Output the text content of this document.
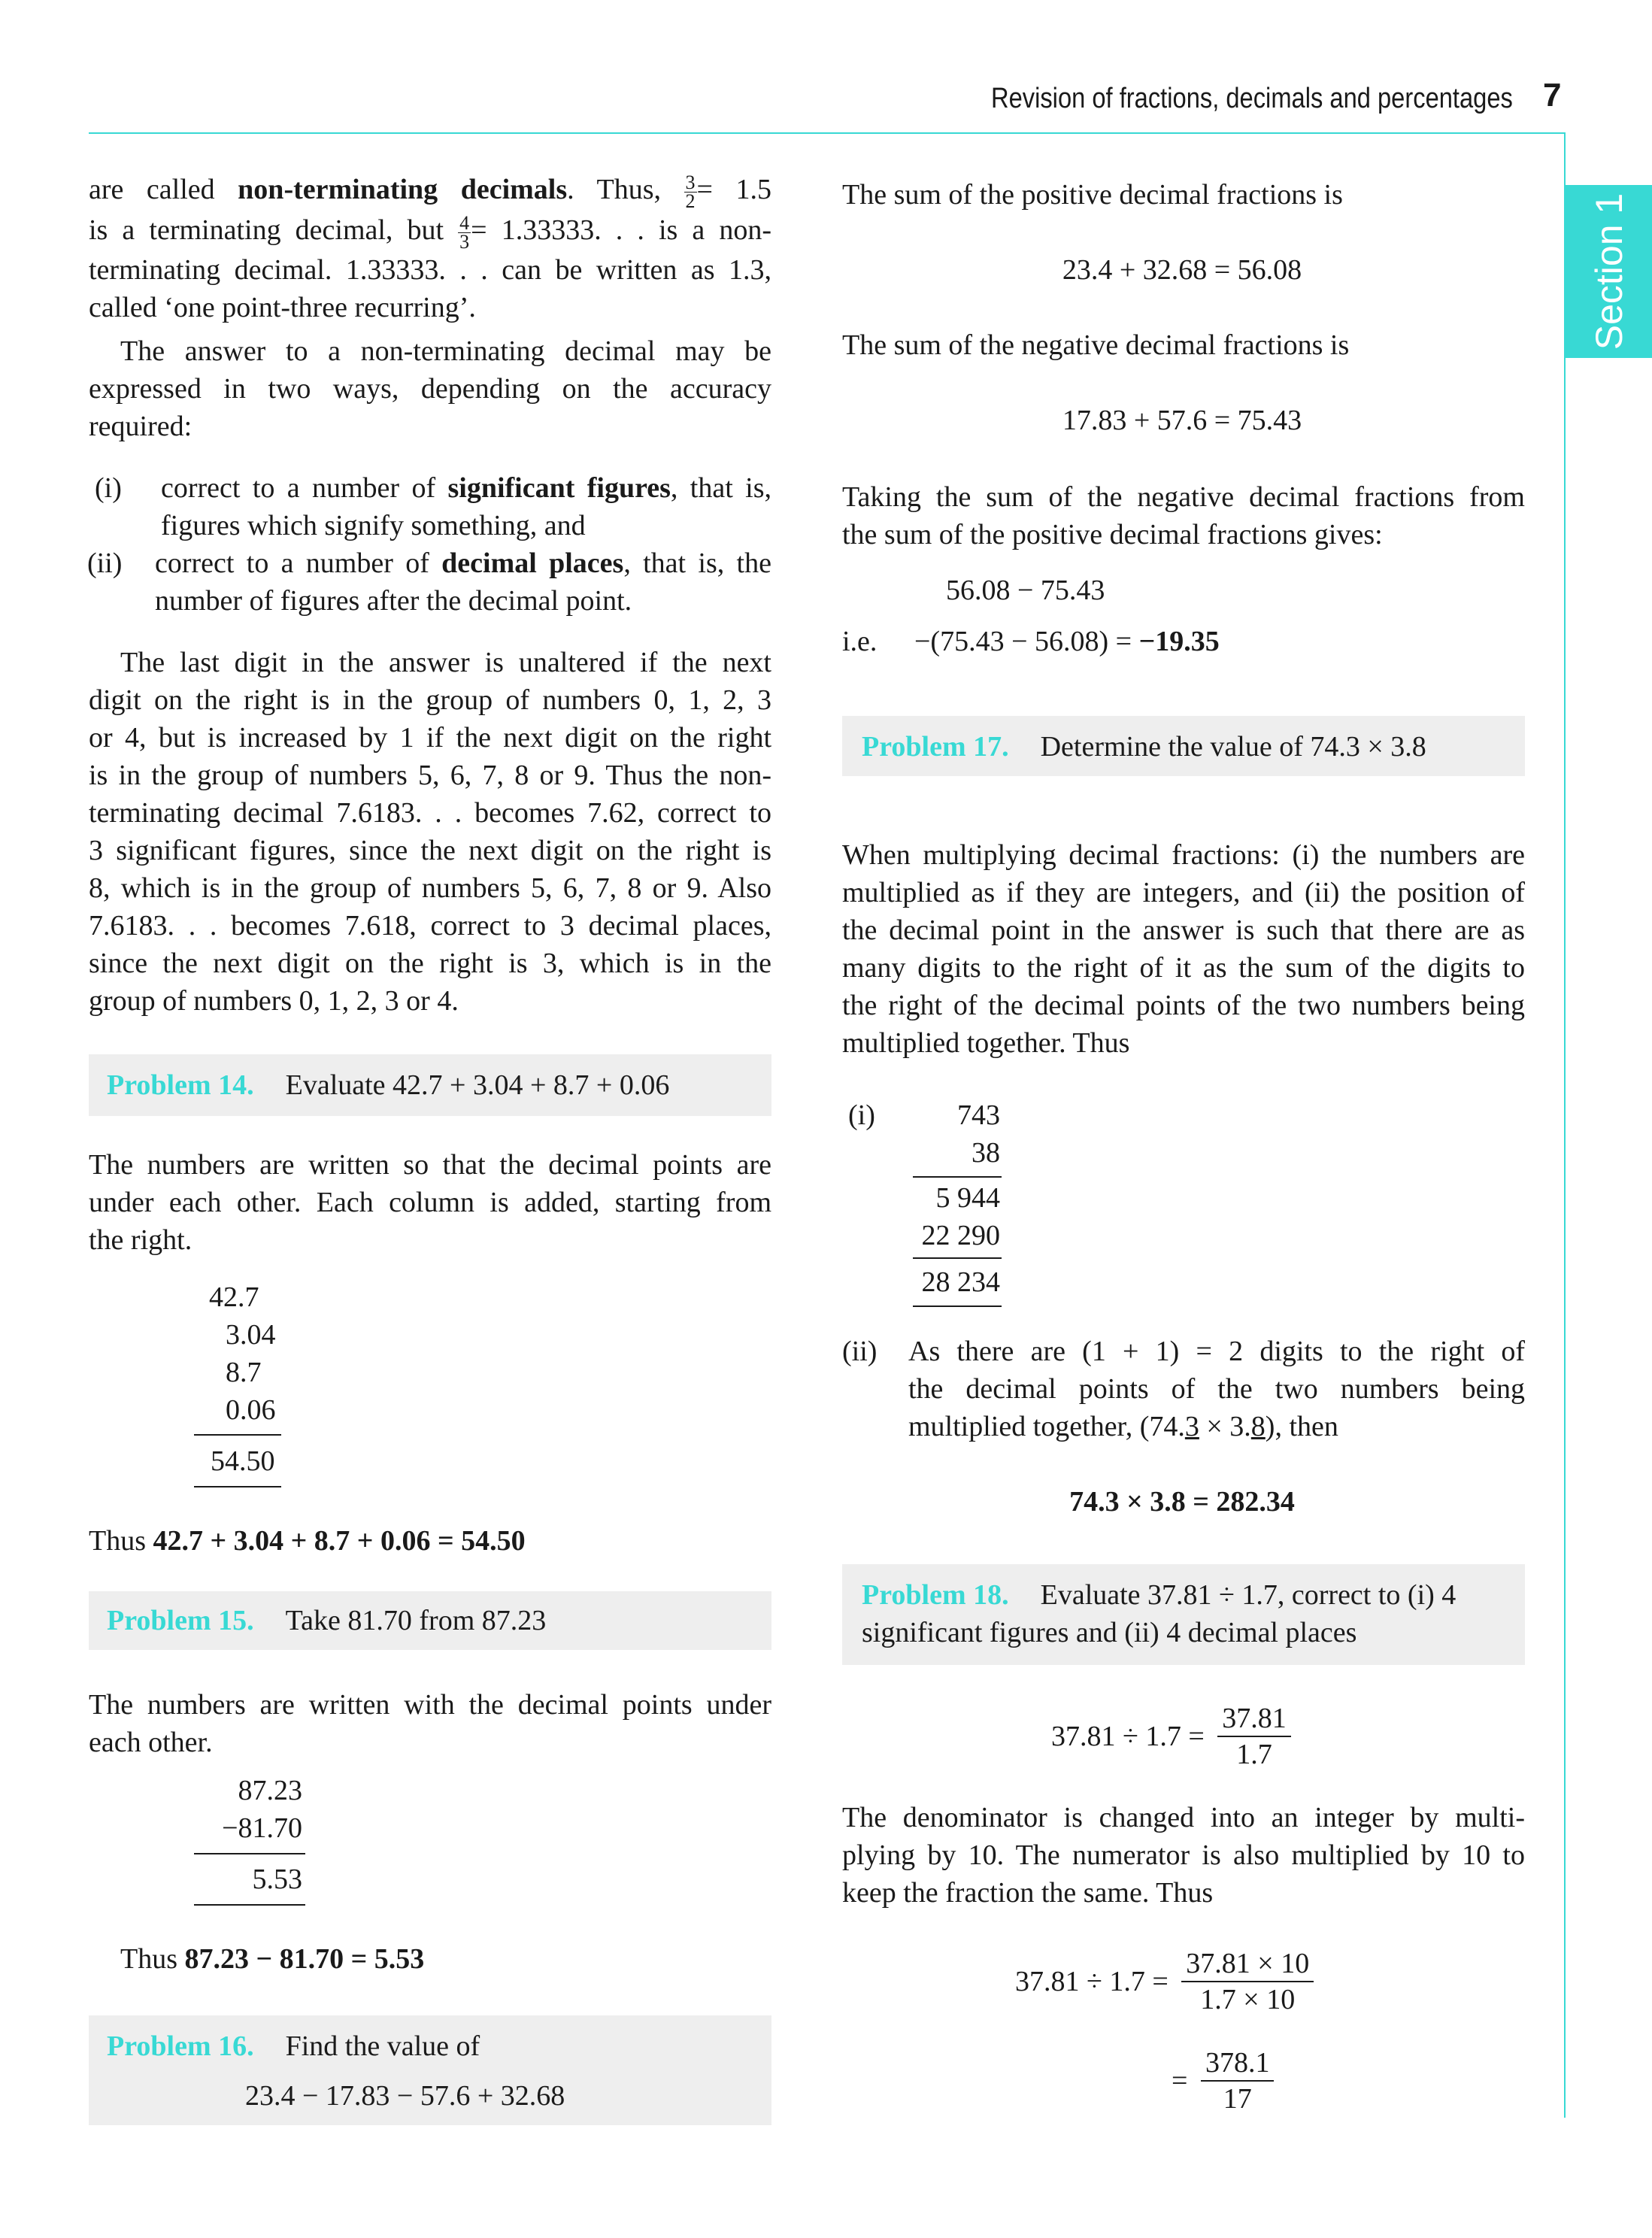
Revision of fractions, decimals and percentages 7
Section 1
are called non-terminating decimals. Thus, $\frac{3}{2} = 1.5$
is a terminating decimal, but $\frac{4}{3} = 1.33333$. . . is a non-
terminating decimal. 1.33333. . . can be written as 1.3,
called ‘one point-three recurring’.
The answer to a non-terminating decimal may be
expressed in two ways, depending on the accuracy
required:
(i) correct to a number of significant figures, that is,
figures which signify something, and
(ii) correct to a number of decimal places, that is, the
number of figures after the decimal point.
The last digit in the answer is unaltered if the next
digit on the right is in the group of numbers 0, 1, 2, 3
or 4, but is increased by 1 if the next digit on the right
is in the group of numbers 5, 6, 7, 8 or 9. Thus the non-
terminating decimal 7.6183. . . becomes 7.62, correct to
3 significant figures, since the next digit on the right is
8, which is in the group of numbers 5, 6, 7, 8 or 9. Also
7.6183. . . becomes 7.618, correct to 3 decimal places,
since the next digit on the right is 3, which is in the
group of numbers 0, 1, 2, 3 or 4.
Problem 14. Evaluate 42.7 + 3.04 + 8.7 + 0.06
The numbers are written so that the decimal points are
under each other. Each column is added, starting from
the right.
42.7
3.04
8.7
0.06
54.50
Thus 42.7 + 3.04 + 8.7 + 0.06 = 54.50
Problem 15. Take 81.70 from 87.23
The numbers are written with the decimal points under
each other.
87.23
−81.70
5.53
Thus 87.23 − 81.70 = 5.53
Problem 16. Find the value of
23.4 − 17.83 − 57.6 + 32.68
The sum of the positive decimal fractions is
23.4 + 32.68 = 56.08
The sum of the negative decimal fractions is
17.83 + 57.6 = 75.43
Taking the sum of the negative decimal fractions from
the sum of the positive decimal fractions gives:
56.08 − 75.43
i.e. −(75.43 − 56.08) = −19.35
Problem 17. Determine the value of 74.3 × 3.8
When multiplying decimal fractions: (i) the numbers are
multiplied as if they are integers, and (ii) the position of
the decimal point in the answer is such that there are as
many digits to the right of it as the sum of the digits to
the right of the decimal points of the two numbers being
multiplied together. Thus
(i)	743
38
5 944
22 290
28 234
(ii) As there are (1 + 1) = 2 digits to the right of
the decimal points of the two numbers being
multiplied together, (74.3 × 3.8), then
74.3 × 3.8 = 282.34
Problem 18. Evaluate 37.81 ÷ 1.7, correct to (i) 4
significant figures and (ii) 4 decimal places
$37.81 \div 1.7 = \frac{37.81}{1.7}$
The denominator is changed into an integer by multi-
plying by 10. The numerator is also multiplied by 10 to
keep the fraction the same. Thus
$37.81 \div 1.7 = \frac{37.81 \times 10}{1.7 \times 10}$
= $\frac{378.1}{17}$
